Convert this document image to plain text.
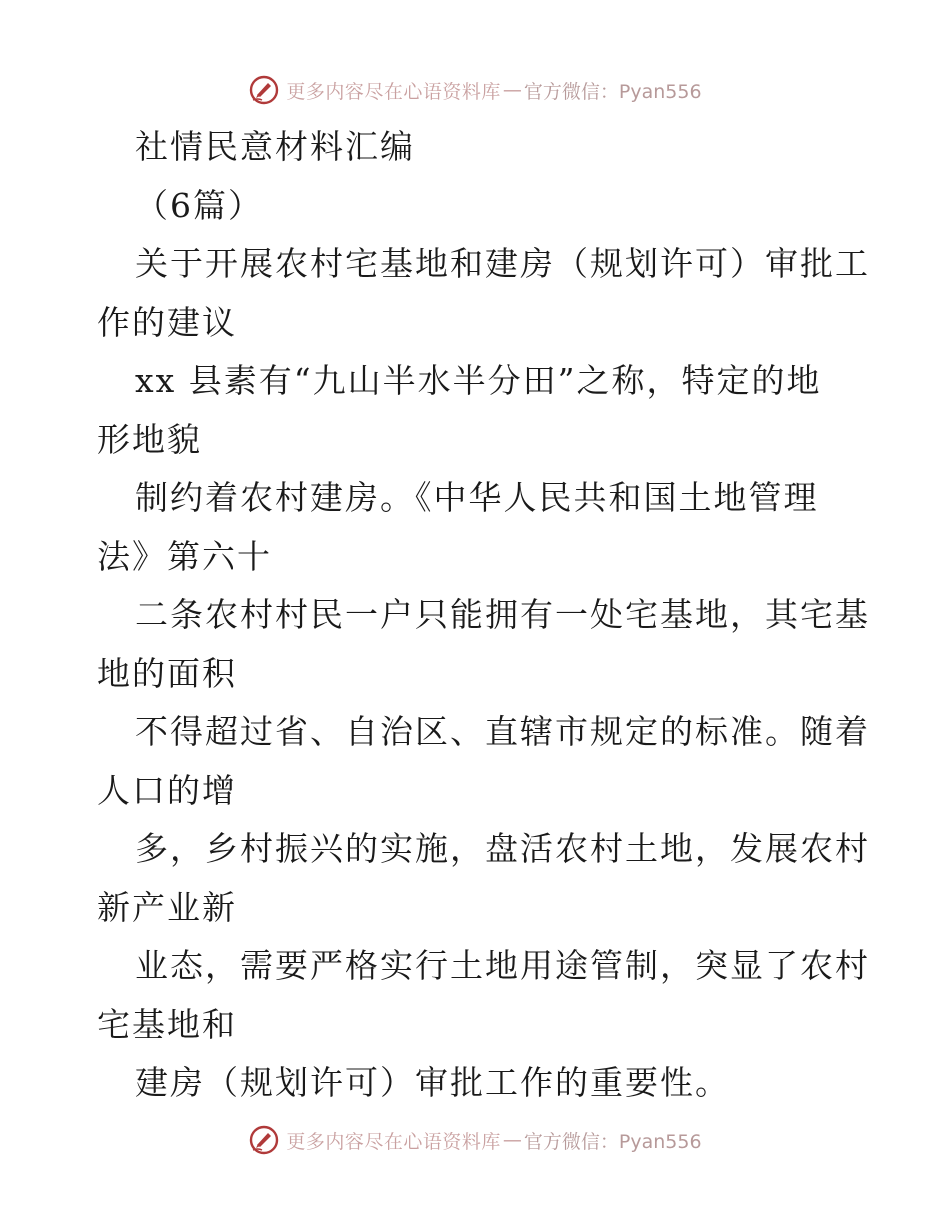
更多内容尽在心语资料库 — 官方微信：Pyan556
社情民意材料汇编
（6篇）
关于开展农村宅基地和建房（规划许可）审批工
作的建议
xx 县素有“九山半水半分田”之称，特定的地
形地貌
制约着农村建房。《中华人民共和国土地管理
法》第六十
二条农村村民一户只能拥有一处宅基地，其宅基
地的面积
不得超过省、自治区、直辖市规定的标准。随着
人口的增
多，乡村振兴的实施，盘活农村土地，发展农村
新产业新
业态，需要严格实行土地用途管制，突显了农村
宅基地和
建房（规划许可）审批工作的重要性。
更多内容尽在心语资料库 — 官方微信：Pyan556
